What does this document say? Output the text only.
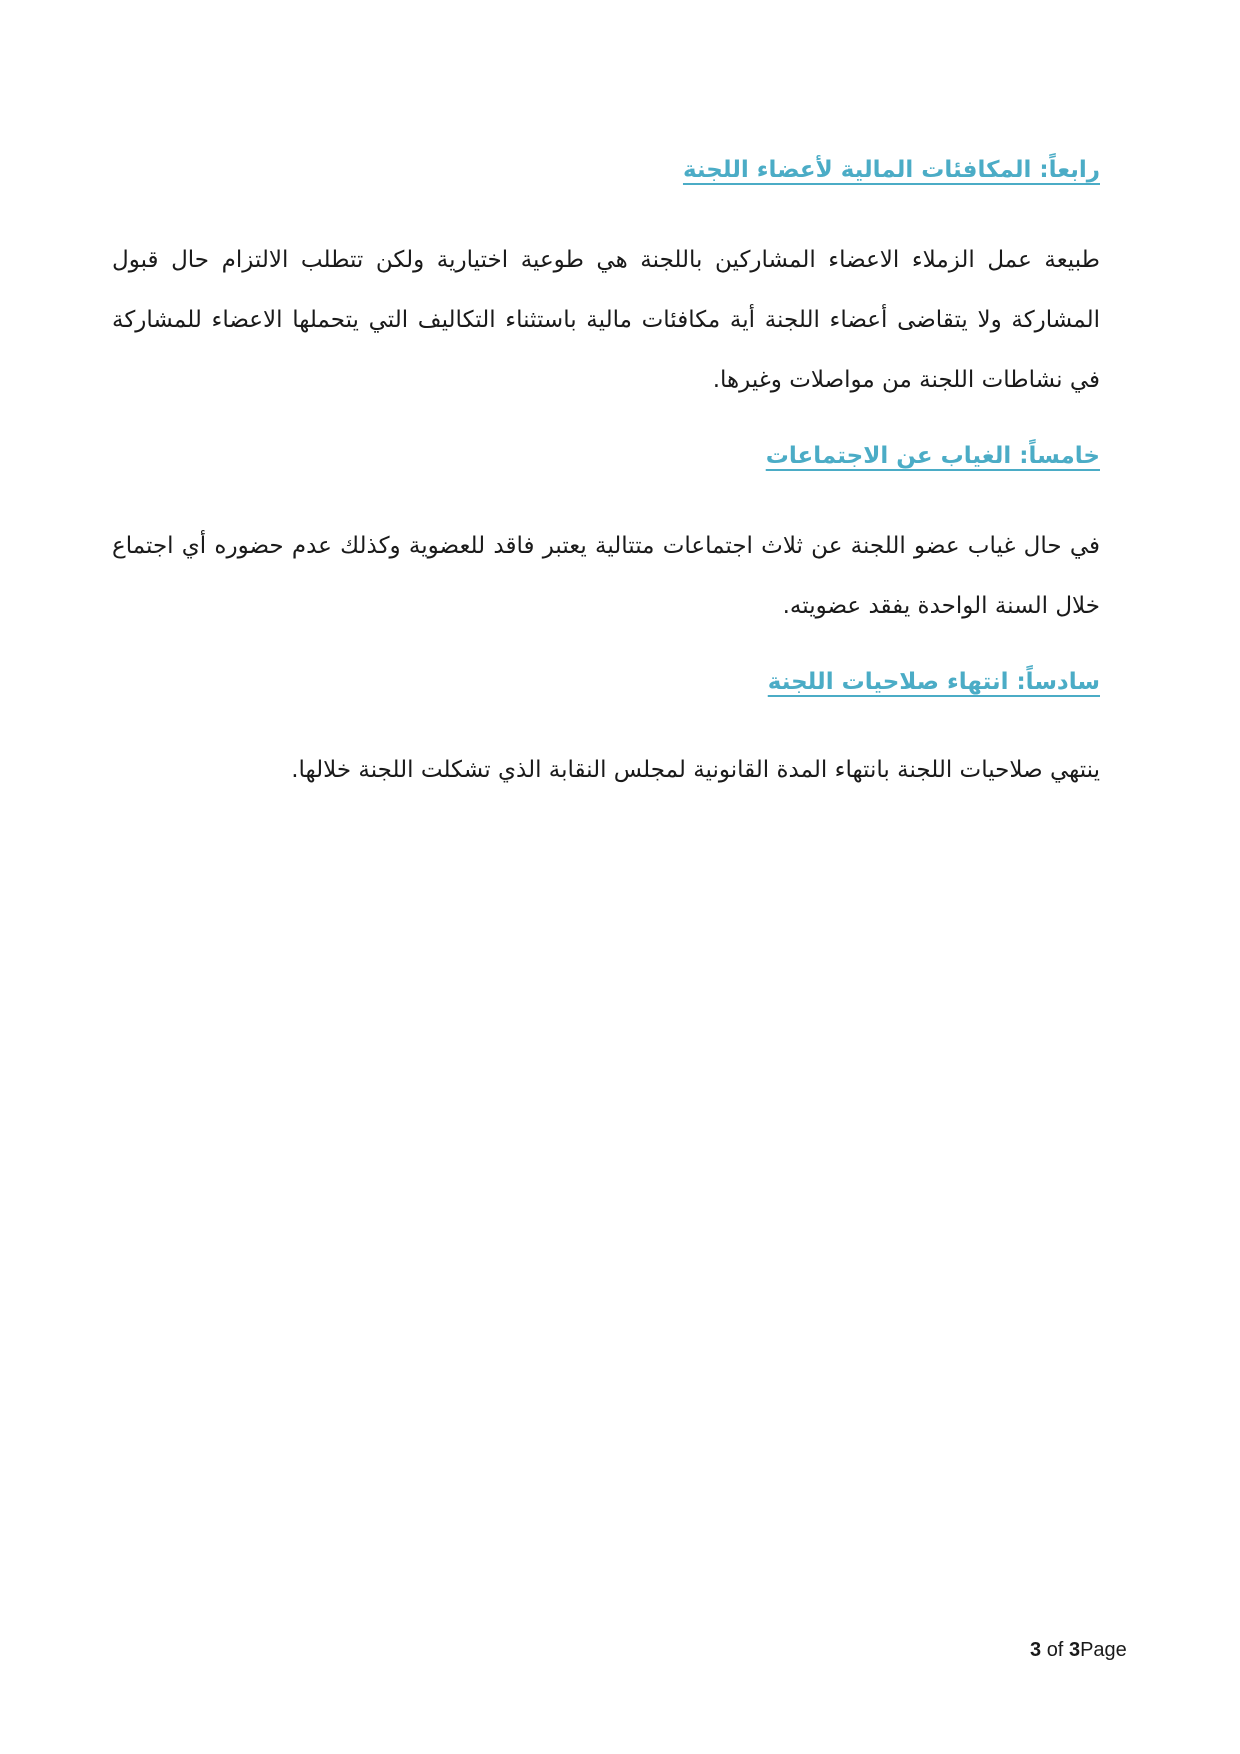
رابعاً: المكافئات المالية لأعضاء اللجنة

طبيعة عمل الزملاء الاعضاء المشاركين باللجنة هي طوعية اختيارية ولكن تتطلب الالتزام حال قبول المشاركة ولا يتقاضى أعضاء اللجنة أية مكافئات مالية باستثناء التكاليف التي يتحملها الاعضاء للمشاركة في نشاطات اللجنة من مواصلات وغيرها.

خامساً: الغياب عن الاجتماعات

في حال غياب عضو اللجنة عن ثلاث اجتماعات متتالية يعتبر فاقد للعضوية وكذلك عدم حضوره أي اجتماع خلال السنة الواحدة يفقد عضويته.

سادساً: انتهاء صلاحيات اللجنة

ينتهي صلاحيات اللجنة بانتهاء المدة القانونية لمجلس النقابة الذي تشكلت اللجنة خلالها.

3 of 3Page
